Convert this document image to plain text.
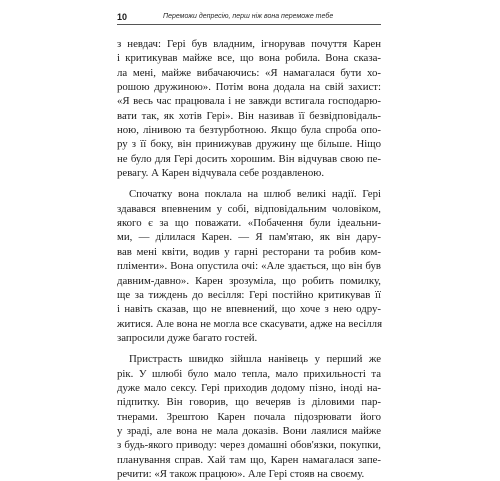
10	Переможи депресію, перш ніж вона переможе тебе
з невдач: Гері був владним, ігнорував почуття Карен
і критикував майже все, що вона робила. Вона сказа-
ла мені, майже вибачаючись: «Я намагалася бути хо-
рошою дружиною». Потім вона додала на свій захист:
«Я весь час працювала і не завжди встигала господарю-
вати так, як хотів Гері». Він називав її безвідповідаль-
ною, лінивою та безтурботною. Якщо була спроба опо-
ру з її боку, він принижував дружину ще більше. Нiщо
не було для Гері досить хорошим. Він відчував свою пе-
ревагу. А Карен відчувала себе роздавленою.
Спочатку вона поклала на шлюб великі надії. Гері
здавався впевненим у собі, відповідальним чоловіком,
якого є за що поважати. «Побачення були ідеальни-
ми, — ділилася Карен. — Я пам'ятаю, як він дару-
вав мені квіти, водив у гарні ресторани та робив ком-
пліменти». Вона опустила очі: «Але здається, що він був
давним-давно». Карен зрозуміла, що робить помилку,
ще за тиждень до весілля: Гері постійно критикував її
і навіть сказав, що не впевнений, що хоче з нею одру-
житися. Але вона не могла все скасувати, адже на весілля
запросили дуже багато гостей.
Пристрасть швидко зійшла нанівець у перший же
рік. У шлюбі було мало тепла, мало прихильності та
дуже мало сексу. Гері приходив додому пізно, іноді на-
підпитку. Він говорив, що вечеряв із діловими пар-
тнерами. Зрештою Карен почала підозрювати його
у зраді, але вона не мала доказів. Вони лаялися майже
з будь-якого приводу: через домашні обов'язки, покупки,
планування справ. Хай там що, Карен намагалася запе-
речити: «Я також працюю». Але Гері стояв на своєму.
